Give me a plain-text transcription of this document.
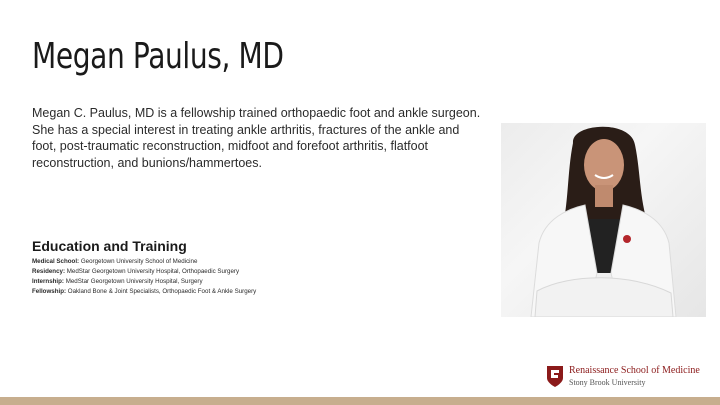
Megan Paulus, MD
Megan C. Paulus, MD is a fellowship trained orthopaedic foot and ankle surgeon. She has a special interest in treating ankle arthritis, fractures of the ankle and foot, post-traumatic reconstruction, midfoot and forefoot arthritis, flatfoot reconstruction, and bunions/hammertoes.
Education and Training
Medical School: Georgetown University School of Medicine
Residency: MedStar Georgetown University Hospital, Orthopaedic Surgery
Internship: MedStar Georgetown University Hospital, Surgery
Fellowship: Oakland Bone & Joint Specialists, Orthopaedic Foot & Ankle Surgery
Renaissance School of Medicine
Stony Brook University
